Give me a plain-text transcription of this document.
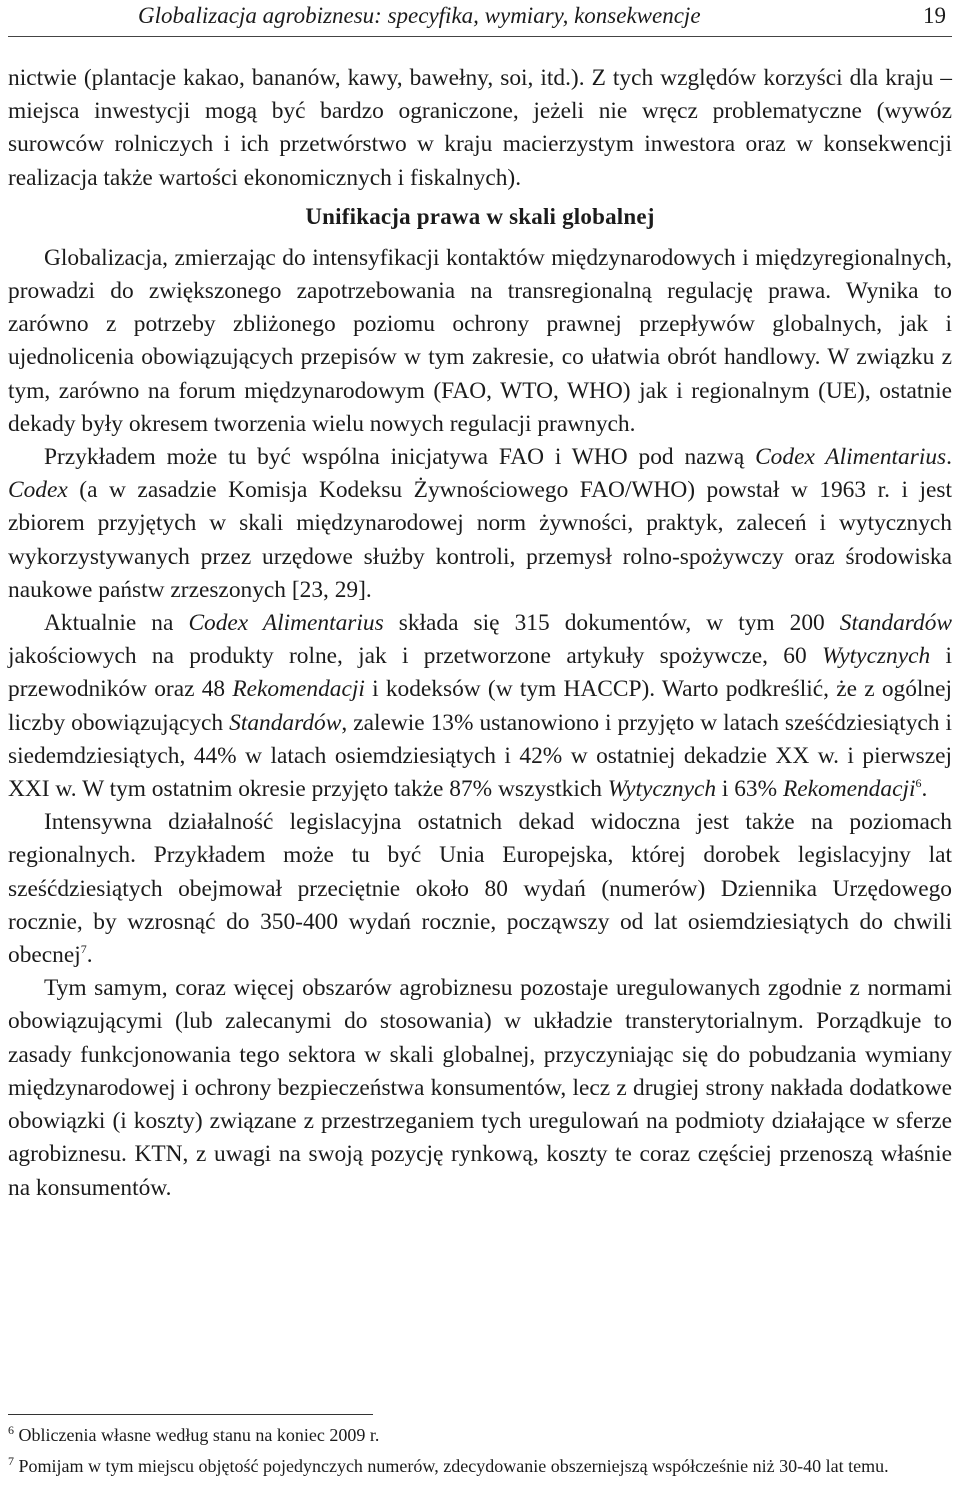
Globalizacja agrobiznesu: specyfika, wymiary, konsekwencje	19

nictwie (plantacje kakao, bananów, kawy, bawełny, soi, itd.). Z tych względów korzyści dla kraju – miejsca inwestycji mogą być bardzo ograniczone, jeżeli nie wręcz problematyczne (wywóz surowców rolniczych i ich przetwórstwo w kraju macierzystym inwestora oraz w konsekwencji realizacja także wartości ekonomicznych i fiskalnych).

Unifikacja prawa w skali globalnej

Globalizacja, zmierzając do intensyfikacji kontaktów międzynarodowych i międzyregionalnych, prowadzi do zwiększonego zapotrzebowania na transregionalną regulację prawa. Wynika to zarówno z potrzeby zbliżonego poziomu ochrony prawnej przepływów globalnych, jak i ujednolicenia obowiązujących przepisów w tym zakresie, co ułatwia obrót handlowy. W związku z tym, zarówno na forum międzynarodowym (FAO, WTO, WHO) jak i regionalnym (UE), ostatnie dekady były okresem tworzenia wielu nowych regulacji prawnych.

Przykładem może tu być wspólna inicjatywa FAO i WHO pod nazwą Codex Alimentarius. Codex (a w zasadzie Komisja Kodeksu Żywnościowego FAO/WHO) powstał w 1963 r. i jest zbiorem przyjętych w skali międzynarodowej norm żywności, praktyk, zaleceń i wytycznych wykorzystywanych przez urzędowe służby kontroli, przemysł rolno-spożywczy oraz środowiska naukowe państw zrzeszonych [23, 29].

Aktualnie na Codex Alimentarius składa się 315 dokumentów, w tym 200 Standardów jakościowych na produkty rolne, jak i przetworzone artykuły spożywcze, 60 Wytycznych i przewodników oraz 48 Rekomendacji i kodeksów (w tym HACCP). Warto podkreślić, że z ogólnej liczby obowiązujących Standardów, zalewie 13% ustanowiono i przyjęto w latach sześćdziesiątych i siedemdziesiątych, 44% w latach osiemdziesiątych i 42% w ostatniej dekadzie XX w. i pierwszej XXI w. W tym ostatnim okresie przyjęto także 87% wszystkich Wytycznych i 63% Rekomendacji$^6$.

Intensywna działalność legislacyjna ostatnich dekad widoczna jest także na poziomach regionalnych. Przykładem może tu być Unia Europejska, której dorobek legislacyjny lat sześćdziesiątych obejmował przeciętnie około 80 wydań (numerów) Dziennika Urzędowego rocznie, by wzrosnąć do 350-400 wydań rocznie, począwszy od lat osiemdziesiątych do chwili obecnej$^7$.

Tym samym, coraz więcej obszarów agrobiznesu pozostaje uregulowanych zgodnie z normami obowiązującymi (lub zalecanymi do stosowania) w układzie transterytorialnym. Porządkuje to zasady funkcjonowania tego sektora w skali globalnej, przyczyniając się do pobudzania wymiany międzynarodowej i ochrony bezpieczeństwa konsumentów, lecz z drugiej strony nakłada dodatkowe obowiązki (i koszty) związane z przestrzeganiem tych uregulowań na podmioty działające w sferze agrobiznesu. KTN, z uwagi na swoją pozycję rynkową, koszty te coraz częściej przenoszą właśnie na konsumentów.

$^6$ Obliczenia własne według stanu na koniec 2009 r.

$^7$ Pomijam w tym miejscu objętość pojedynczych numerów, zdecydowanie obszerniejszą współcześnie niż 30-40 lat temu.
